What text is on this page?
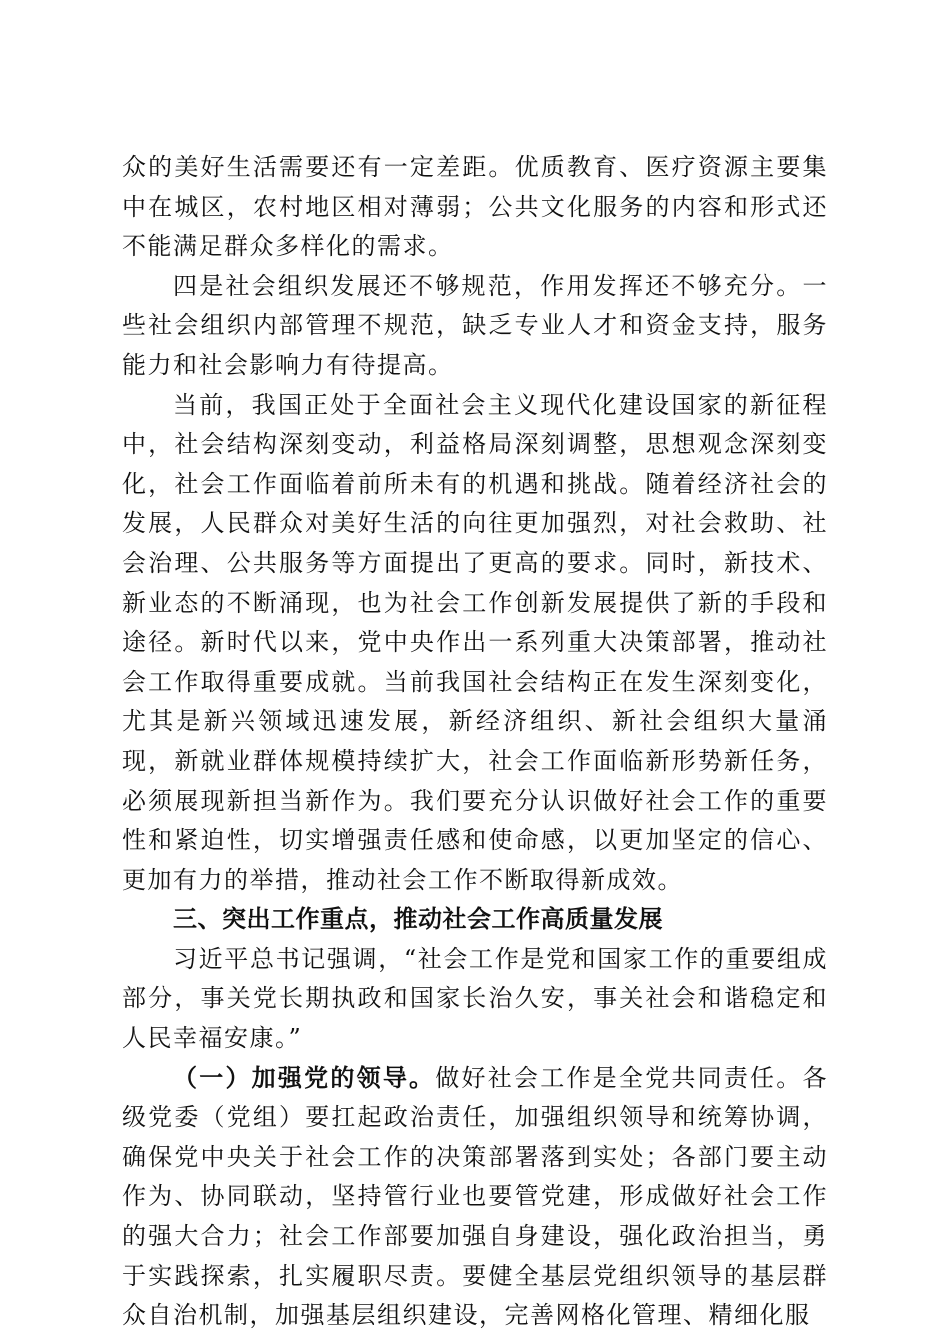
众的美好生活需要还有一定差距。优质教育、医疗资源主要集中在城区，农村地区相对薄弱；公共文化服务的内容和形式还不能满足群众多样化的需求。

四是社会组织发展还不够规范，作用发挥还不够充分。一些社会组织内部管理不规范，缺乏专业人才和资金支持，服务能力和社会影响力有待提高。

当前，我国正处于全面社会主义现代化建设国家的新征程中，社会结构深刻变动，利益格局深刻调整，思想观念深刻变化，社会工作面临着前所未有的机遇和挑战。随着经济社会的发展，人民群众对美好生活的向往更加强烈，对社会救助、社会治理、公共服务等方面提出了更高的要求。同时，新技术、新业态的不断涌现，也为社会工作创新发展提供了新的手段和途径。新时代以来，党中央作出一系列重大决策部署，推动社会工作取得重要成就。当前我国社会结构正在发生深刻变化，尤其是新兴领域迅速发展，新经济组织、新社会组织大量涌现，新就业群体规模持续扩大，社会工作面临新形势新任务，必须展现新担当新作为。我们要充分认识做好社会工作的重要性和紧迫性，切实增强责任感和使命感，以更加坚定的信心、更加有力的举措，推动社会工作不断取得新成效。

三、突出工作重点，推动社会工作高质量发展

习近平总书记强调，“社会工作是党和国家工作的重要组成部分，事关党长期执政和国家长治久安，事关社会和谐稳定和人民幸福安康。”

（一）加强党的领导。做好社会工作是全党共同责任。各级党委（党组）要扛起政治责任，加强组织领导和统筹协调，确保党中央关于社会工作的决策部署落到实处；各部门要主动作为、协同联动，坚持管行业也要管党建，形成做好社会工作的强大合力；社会工作部要加强自身建设，强化政治担当，勇于实践探索，扎实履职尽责。要健全基层党组织领导的基层群众自治机制，加强基层组织建设，完善网格化管理、精细化服
